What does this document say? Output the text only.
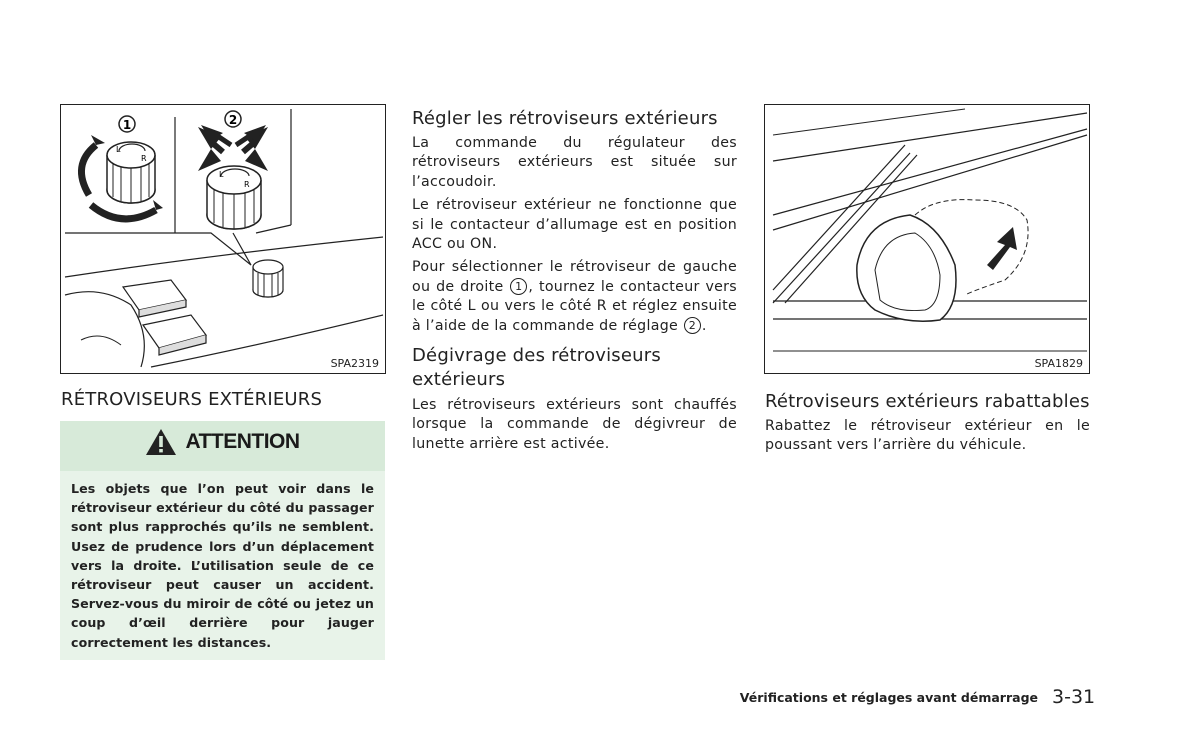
L
R
1
L
R
2
SPA2319
RÉTROVISEURS EXTÉRIEURS
ATTENTION

Les objets que l’on peut voir dans le rétroviseur extérieur du côté du passager sont plus rapprochés qu’ils ne semblent. Usez de prudence lors d’un déplacement vers la droite. L’utilisation seule de ce rétroviseur peut causer un accident. Servez-vous du miroir de côté ou jetez un coup d’œil derrière pour jauger correctement les distances.

Régler les rétroviseurs extérieurs

La commande du régulateur des rétroviseurs extérieurs est située sur l’accoudoir.

Le rétroviseur extérieur ne fonctionne que si le contacteur d’allumage est en position ACC ou ON.

Pour sélectionner le rétroviseur de gauche ou de droite 1 , tournez le contacteur vers le côté L ou vers le côté R et réglez ensuite à l’aide de la commande de réglage 2 .

Dégivrage des rétroviseurs extérieurs

Les rétroviseurs extérieurs sont chauffés lorsque la commande de dégivreur de lunette arrière est activée.

SPA1829
Rétroviseurs extérieurs rabattables

Rabattez le rétroviseur extérieur en le poussant vers l’arrière du véhicule.

Vérifications et réglages avant démarrage 3-31
